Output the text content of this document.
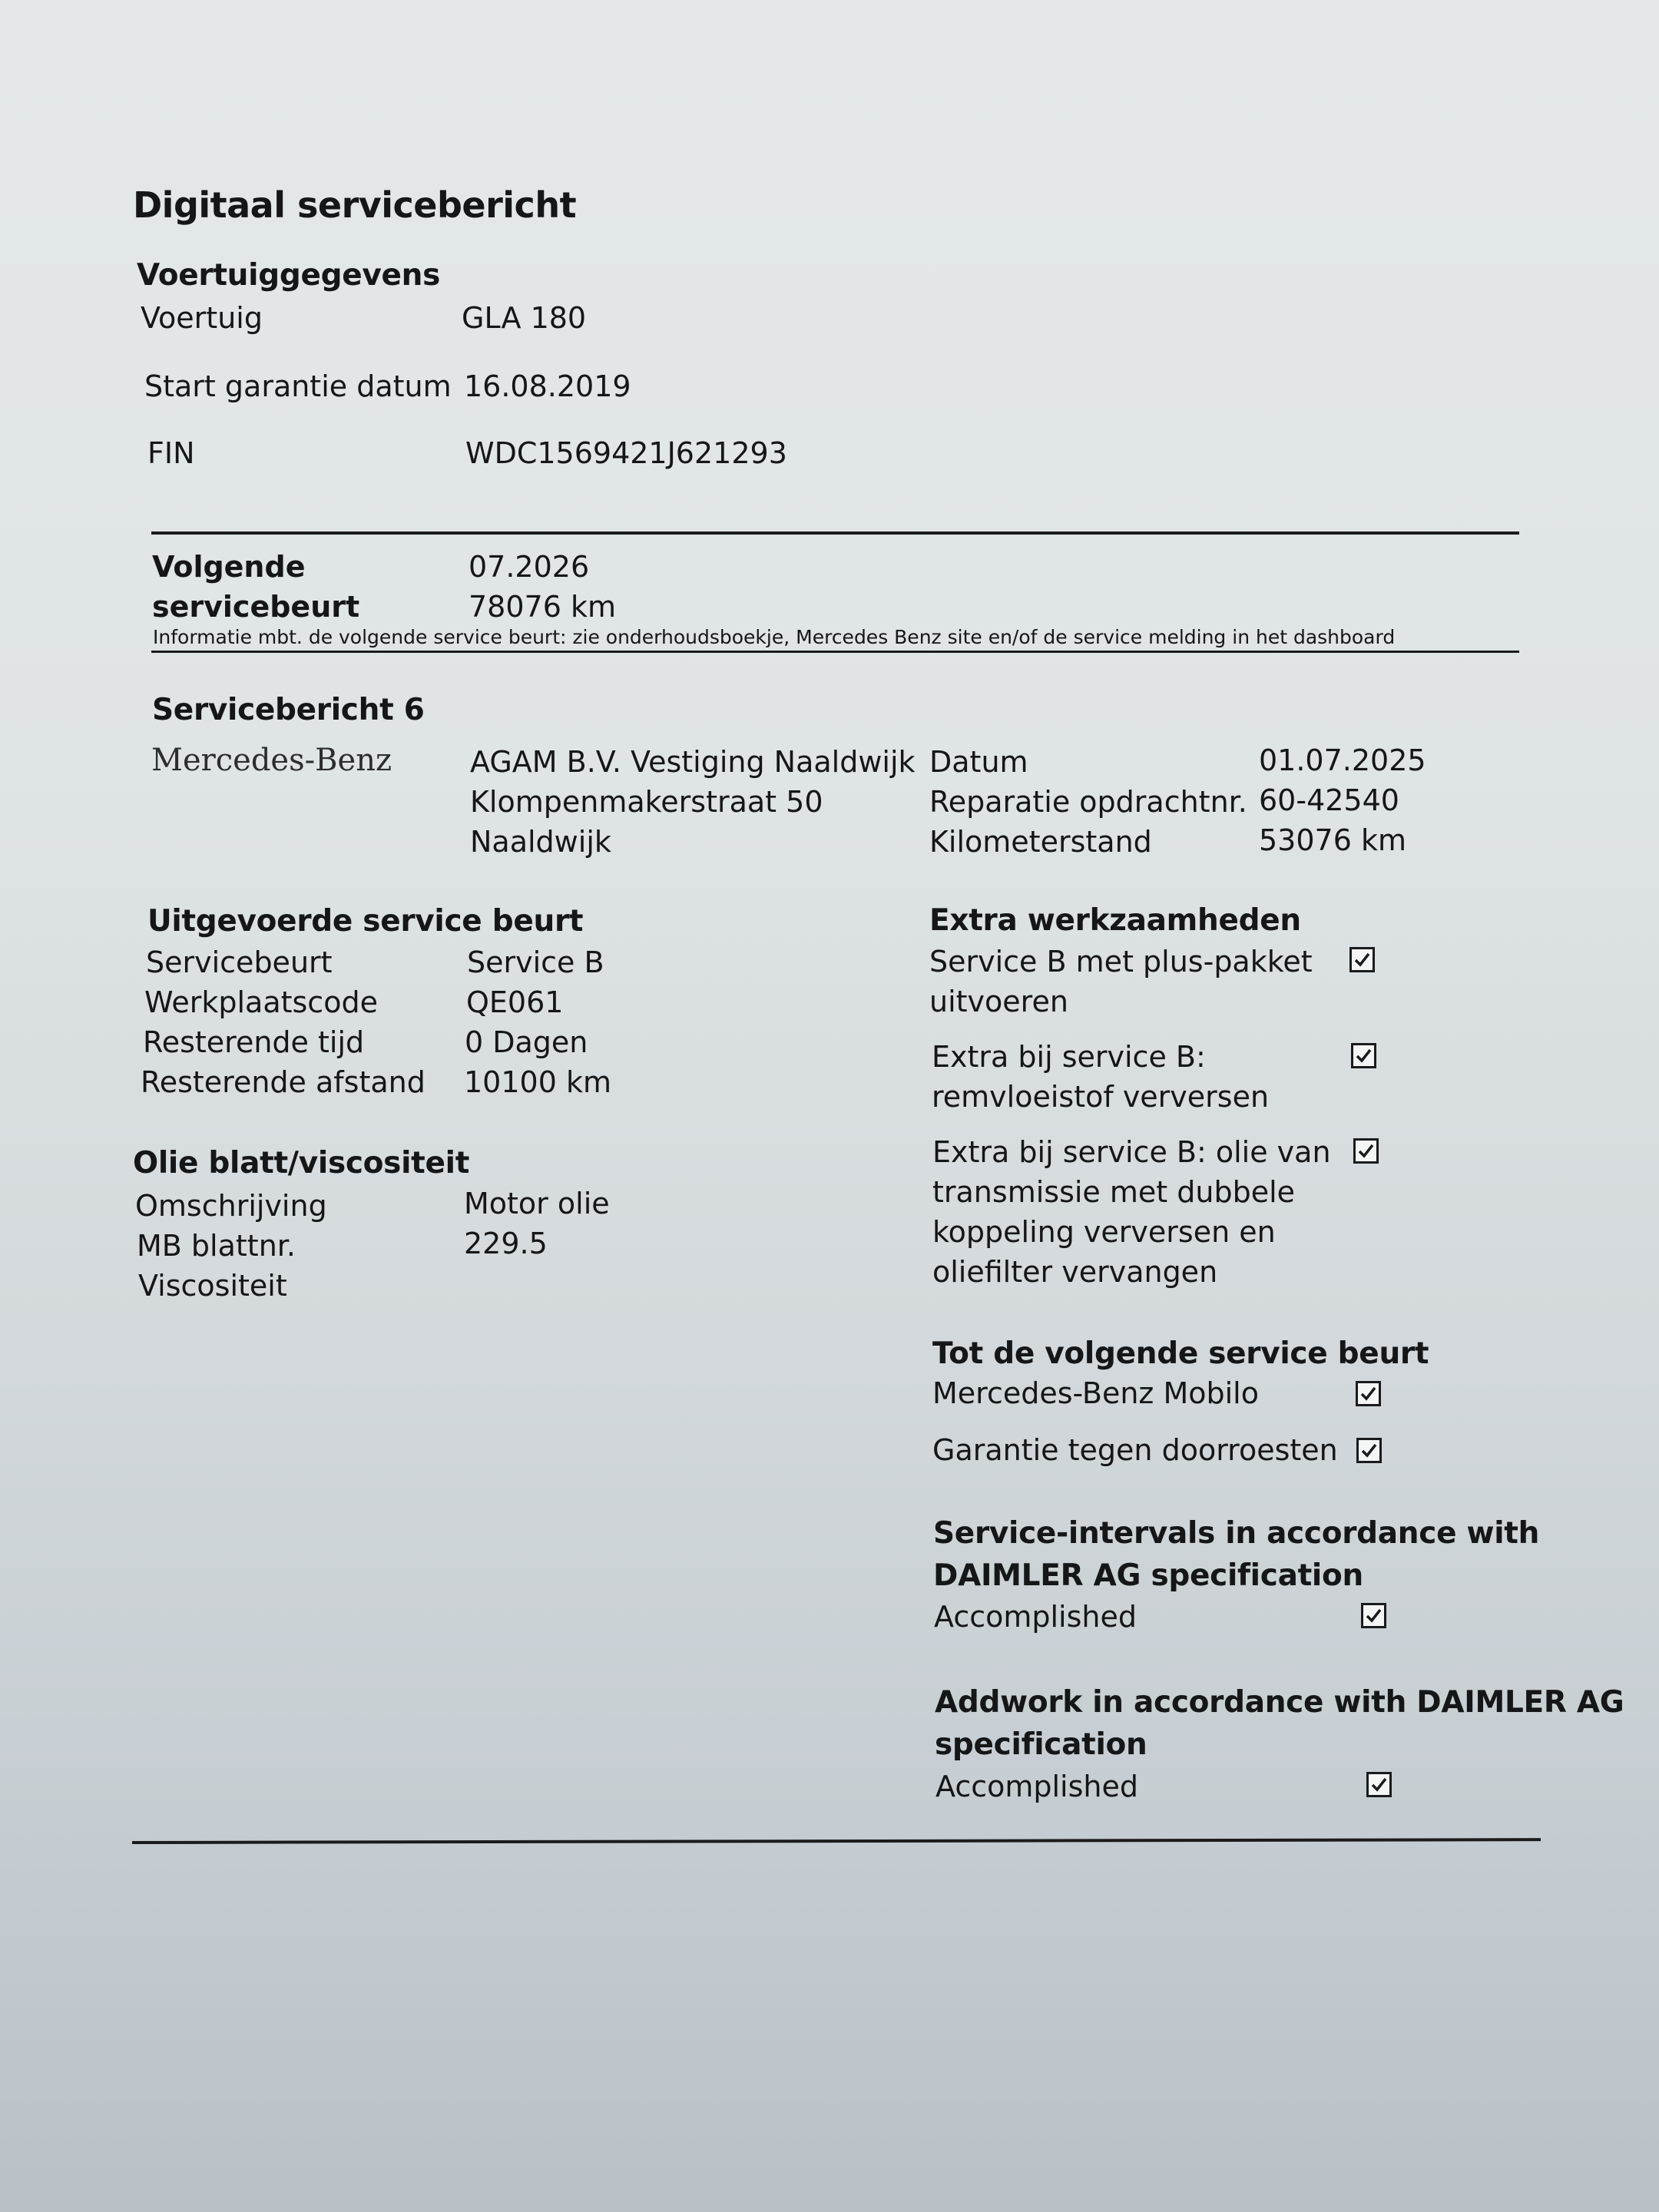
Digitaal servicebericht
Voertuiggegevens
Voertuig	GLA 180
Start garantie datum 16.08.2019
FIN	WDC1569421J621293
Volgende
servicebeurt
07.2026
78076 km
Informatie mbt. de volgende service beurt: zie onderhoudsboekje, Mercedes Benz site en/of de service melding in het dashboard
Servicebericht 6
Mercedes-Benz	AGAM B.V. Vestiging Naaldwijk
Klompenmakerstraat 50
Naaldwijk
Datum	01.07.2025
Reparatie opdrachtnr. 60-42540
Kilometerstand	53076 km
Uitgevoerde service beurt
Servicebeurt	Service B
Werkplaatscode	QE061
Resterende tijd	0 Dagen
Resterende afstand 10100 km
Olie blatt/viscositeit
Omschrijving	Motor olie
MB blattnr.	229.5
Viscositeit
Extra werkzaamheden
Service B met plus-pakket
uitvoeren
Extra bij service B:
remvloeistof verversen
Extra bij service B: olie van
transmissie met dubbele
koppeling verversen en
oliefilter vervangen
Tot de volgende service beurt
Mercedes-Benz Mobilo
Garantie tegen doorroesten
Service-intervals in accordance with
DAIMLER AG specification
Accomplished
Addwork in accordance with DAIMLER AG
specification
Accomplished
